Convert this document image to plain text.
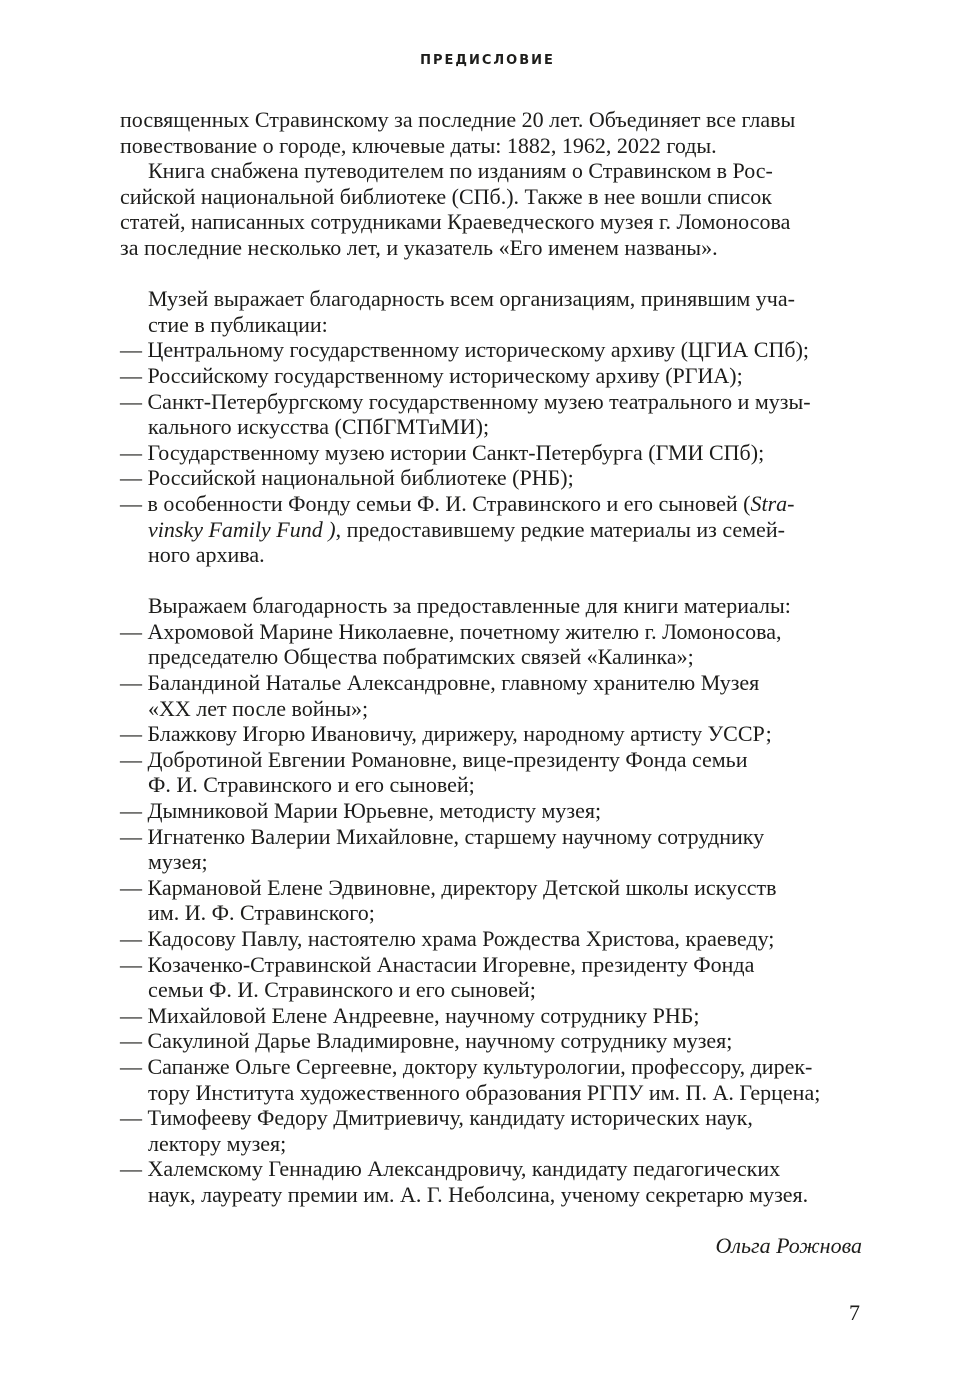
ПРЕДИСЛОВИЕ
посвященных Стравинскому за последние 20 лет. Объединяет все главы
повествование о городе, ключевые даты: 1882, 1962, 2022 годы.
Книга снабжена путеводителем по изданиям о Стравинском в Рос-
сийской национальной библиотеке (СПб.). Также в нее вошли список
статей, написанных сотрудниками Краеведческого музея г. Ломоносова
за последние несколько лет, и указатель «Его именем названы».
Музей выражает благодарность всем организациям, принявшим уча-
стие в публикации:
— Центральному государственному историческому архиву (ЦГИА СПб);
— Российскому государственному историческому архиву (РГИА);
— Санкт-Петербургскому государственному музею театрального и музы-
кального искусства (СПбГМТиМИ);
— Государственному музею истории Санкт-Петербурга (ГМИ СПб);
— Российской национальной библиотеке (РНБ);
— в особенности Фонду семьи Ф. И. Стравинского и его сыновей (Stra-
vinsky Family Fund ), предоставившему редкие материалы из семей-
ного архива.
Выражаем благодарность за предоставленные для книги материалы:
— Ахромовой Марине Николаевне, почетному жителю г. Ломоносова,
председателю Общества побратимских связей «Калинка»;
— Баландиной Наталье Александровне, главному хранителю Музея
«XX лет после войны»;
— Блажкову Игорю Ивановичу, дирижеру, народному артисту УССР;
— Добротиной Евгении Романовне, вице-президенту Фонда семьи
Ф. И. Стравинского и его сыновей;
— Дымниковой Марии Юрьевне, методисту музея;
— Игнатенко Валерии Михайловне, старшему научному сотруднику
музея;
— Кармановой Елене Эдвиновне, директору Детской школы искусств
им. И. Ф. Стравинского;
— Кадосову Павлу, настоятелю храма Рождества Христова, краеведу;
— Козаченко-Стравинской Анастасии Игоревне, президенту Фонда
семьи Ф. И. Стравинского и его сыновей;
— Михайловой Елене Андреевне, научному сотруднику РНБ;
— Сакулиной Дарье Владимировне, научному сотруднику музея;
— Сапанже Ольге Сергеевне, доктору культурологии, профессору, дирек-
тору Института художественного образования РГПУ им. П. А. Герцена;
— Тимофееву Федору Дмитриевичу, кандидату исторических наук,
лектору музея;
— Халемскому Геннадию Александровичу, кандидату педагогических
наук, лауреату премии им. А. Г. Неболсина, ученому секретарю музея.
Ольга Рожнова
7
